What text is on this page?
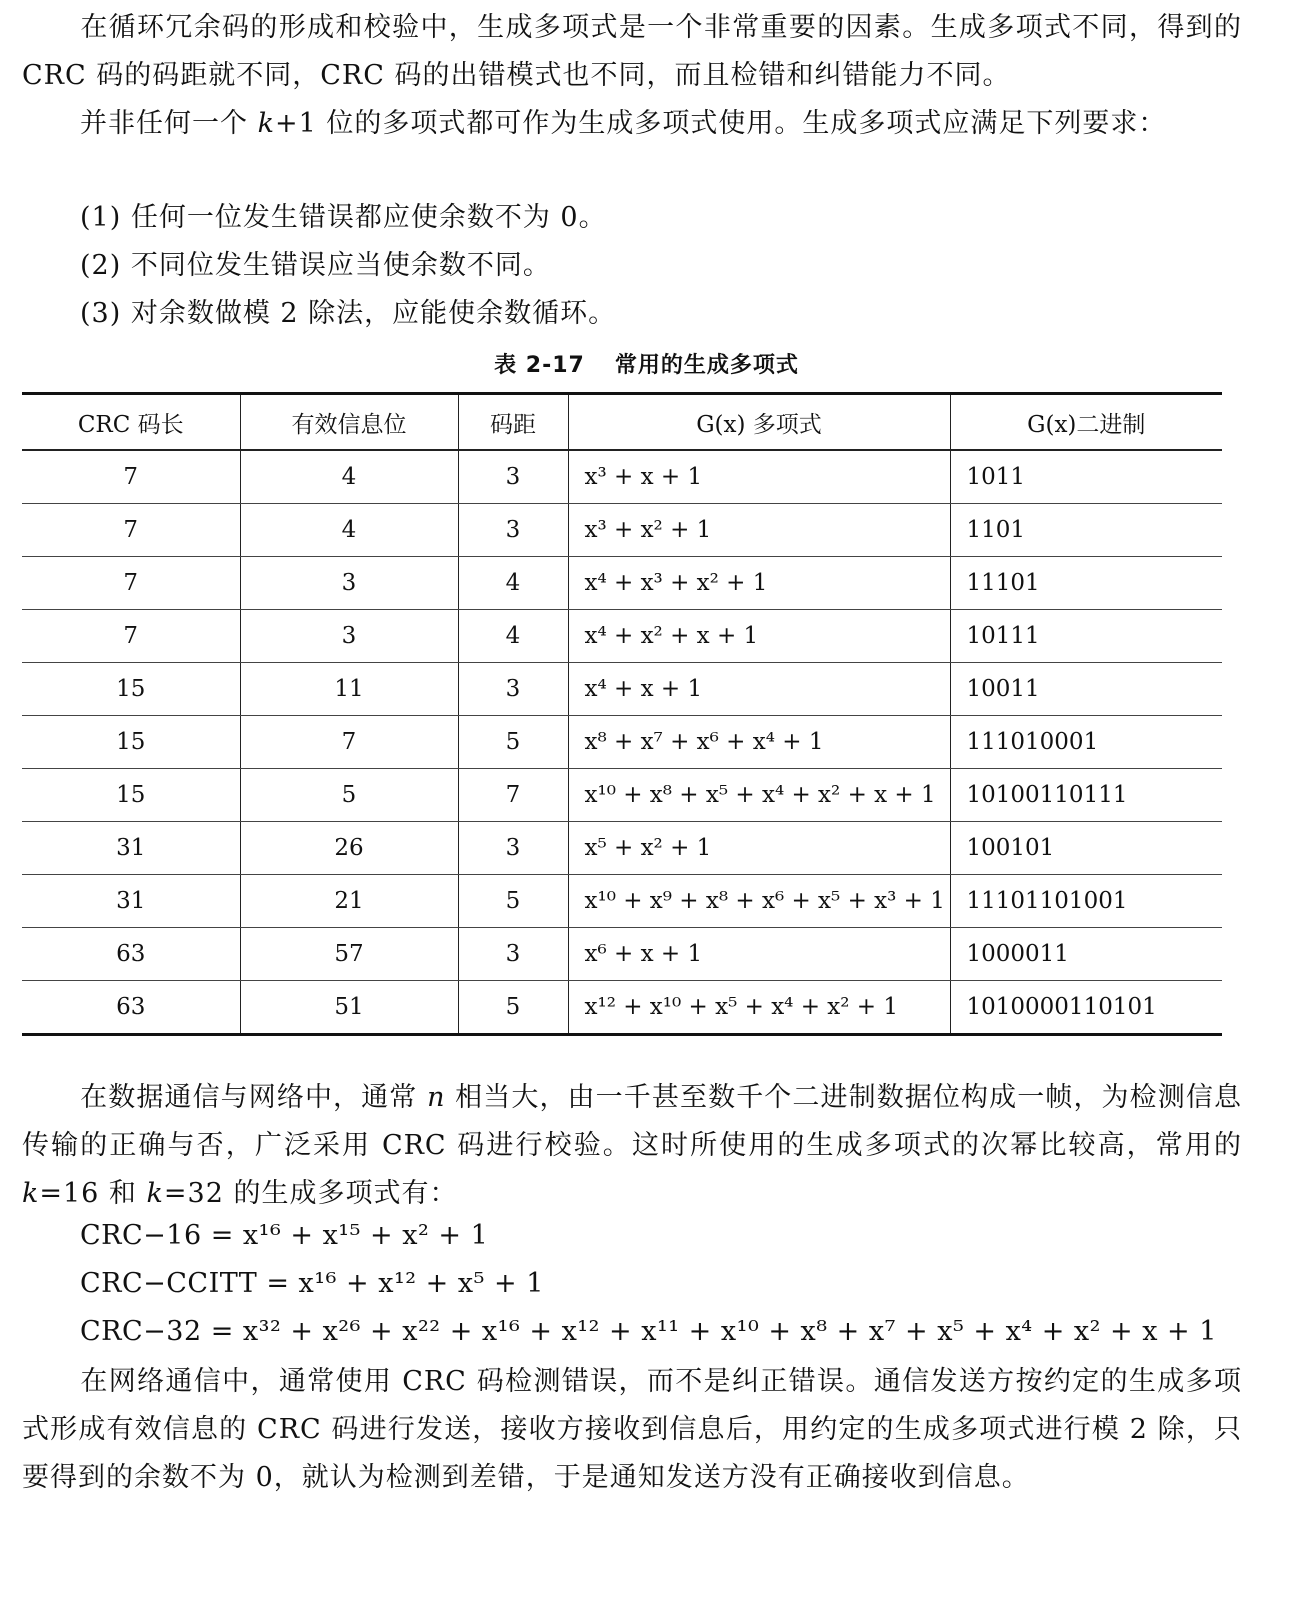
在循环冗余码的形成和校验中，生成多项式是一个非常重要的因素。生成多项式不同，得到的 CRC 码的码距就不同，CRC 码的出错模式也不同，而且检错和纠错能力不同。

并非任何一个 k+1 位的多项式都可作为生成多项式使用。生成多项式应满足下列要求：

(1) 任何一位发生错误都应使余数不为 0。

(2) 不同位发生错误应当使余数不同。

(3) 对余数做模 2 除法，应能使余数循环。

表 2-17 常用的生成多项式
CRC 码长	有效信息位	码距	G(x) 多项式	G(x)二进制
7	4	3	x³ + x + 1	1011
7	4	3	x³ + x² + 1	1101
7	3	4	x⁴ + x³ + x² + 1	11101
7	3	4	x⁴ + x² + x + 1	10111
15	11	3	x⁴ + x + 1	10011
15	7	5	x⁸ + x⁷ + x⁶ + x⁴ + 1	111010001
15	5	7	x¹⁰ + x⁸ + x⁵ + x⁴ + x² + x + 1	10100110111
31	26	3	x⁵ + x² + 1	100101
31	21	5	x¹⁰ + x⁹ + x⁸ + x⁶ + x⁵ + x³ + 1	11101101001
63	57	3	x⁶ + x + 1	1000011
63	51	5	x¹² + x¹⁰ + x⁵ + x⁴ + x² + 1	1010000110101

在数据通信与网络中，通常 n 相当大，由一千甚至数千个二进制数据位构成一帧，为检测信息传输的正确与否，广泛采用 CRC 码进行校验。这时所使用的生成多项式的次幂比较高，常用的 k=16 和 k=32 的生成多项式有：

CRC−16 = x¹⁶ + x¹⁵ + x² + 1

CRC−CCITT = x¹⁶ + x¹² + x⁵ + 1

CRC−32 = x³² + x²⁶ + x²² + x¹⁶ + x¹² + x¹¹ + x¹⁰ + x⁸ + x⁷ + x⁵ + x⁴ + x² + x + 1

在网络通信中，通常使用 CRC 码检测错误，而不是纠正错误。通信发送方按约定的生成多项式形成有效信息的 CRC 码进行发送，接收方接收到信息后，用约定的生成多项式进行模 2 除，只要得到的余数不为 0，就认为检测到差错，于是通知发送方没有正确接收到信息。
